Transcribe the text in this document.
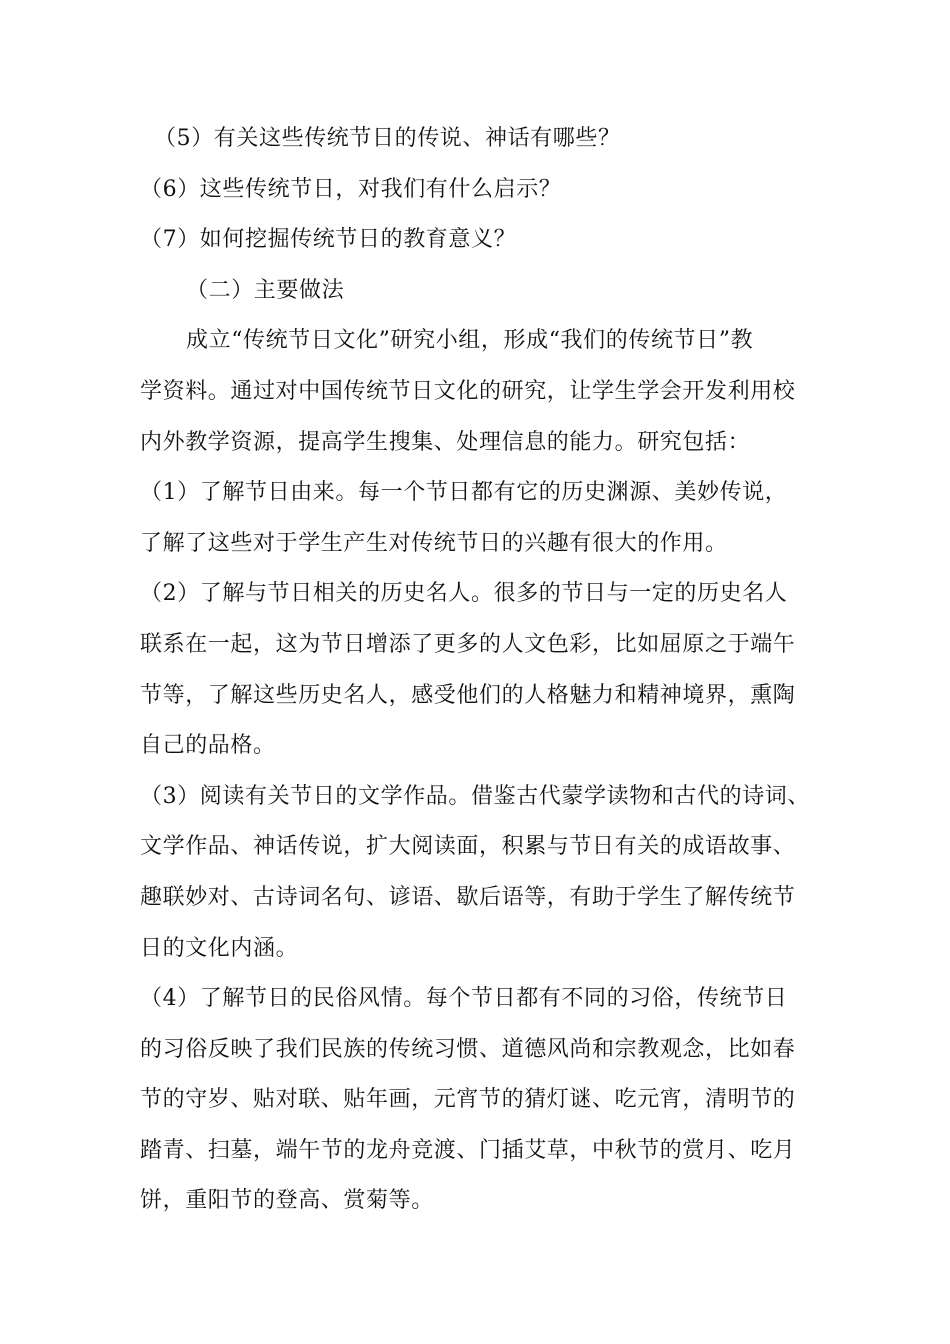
（5）有关这些传统节日的传说、神话有哪些？
（6）这些传统节日，对我们有什么启示？
（7）如何挖掘传统节日的教育意义？
（二）主要做法
成立“传统节日文化”研究小组，形成“我们的传统节日”教
学资料。通过对中国传统节日文化的研究，让学生学会开发利用校
内外教学资源，提高学生搜集、处理信息的能力。研究包括：
（1）了解节日由来。每一个节日都有它的历史渊源、美妙传说，
了解了这些对于学生产生对传统节日的兴趣有很大的作用。
（2）了解与节日相关的历史名人。很多的节日与一定的历史名人
联系在一起，这为节日增添了更多的人文色彩，比如屈原之于端午
节等，了解这些历史名人，感受他们的人格魅力和精神境界，熏陶
自己的品格。
（3）阅读有关节日的文学作品。借鉴古代蒙学读物和古代的诗词、
文学作品、神话传说，扩大阅读面，积累与节日有关的成语故事、
趣联妙对、古诗词名句、谚语、歇后语等，有助于学生了解传统节
日的文化内涵。
（4）了解节日的民俗风情。每个节日都有不同的习俗，传统节日
的习俗反映了我们民族的传统习惯、道德风尚和宗教观念，比如春
节的守岁、贴对联、贴年画，元宵节的猜灯谜、吃元宵，清明节的
踏青、扫墓，端午节的龙舟竞渡、门插艾草，中秋节的赏月、吃月
饼，重阳节的登高、赏菊等。
